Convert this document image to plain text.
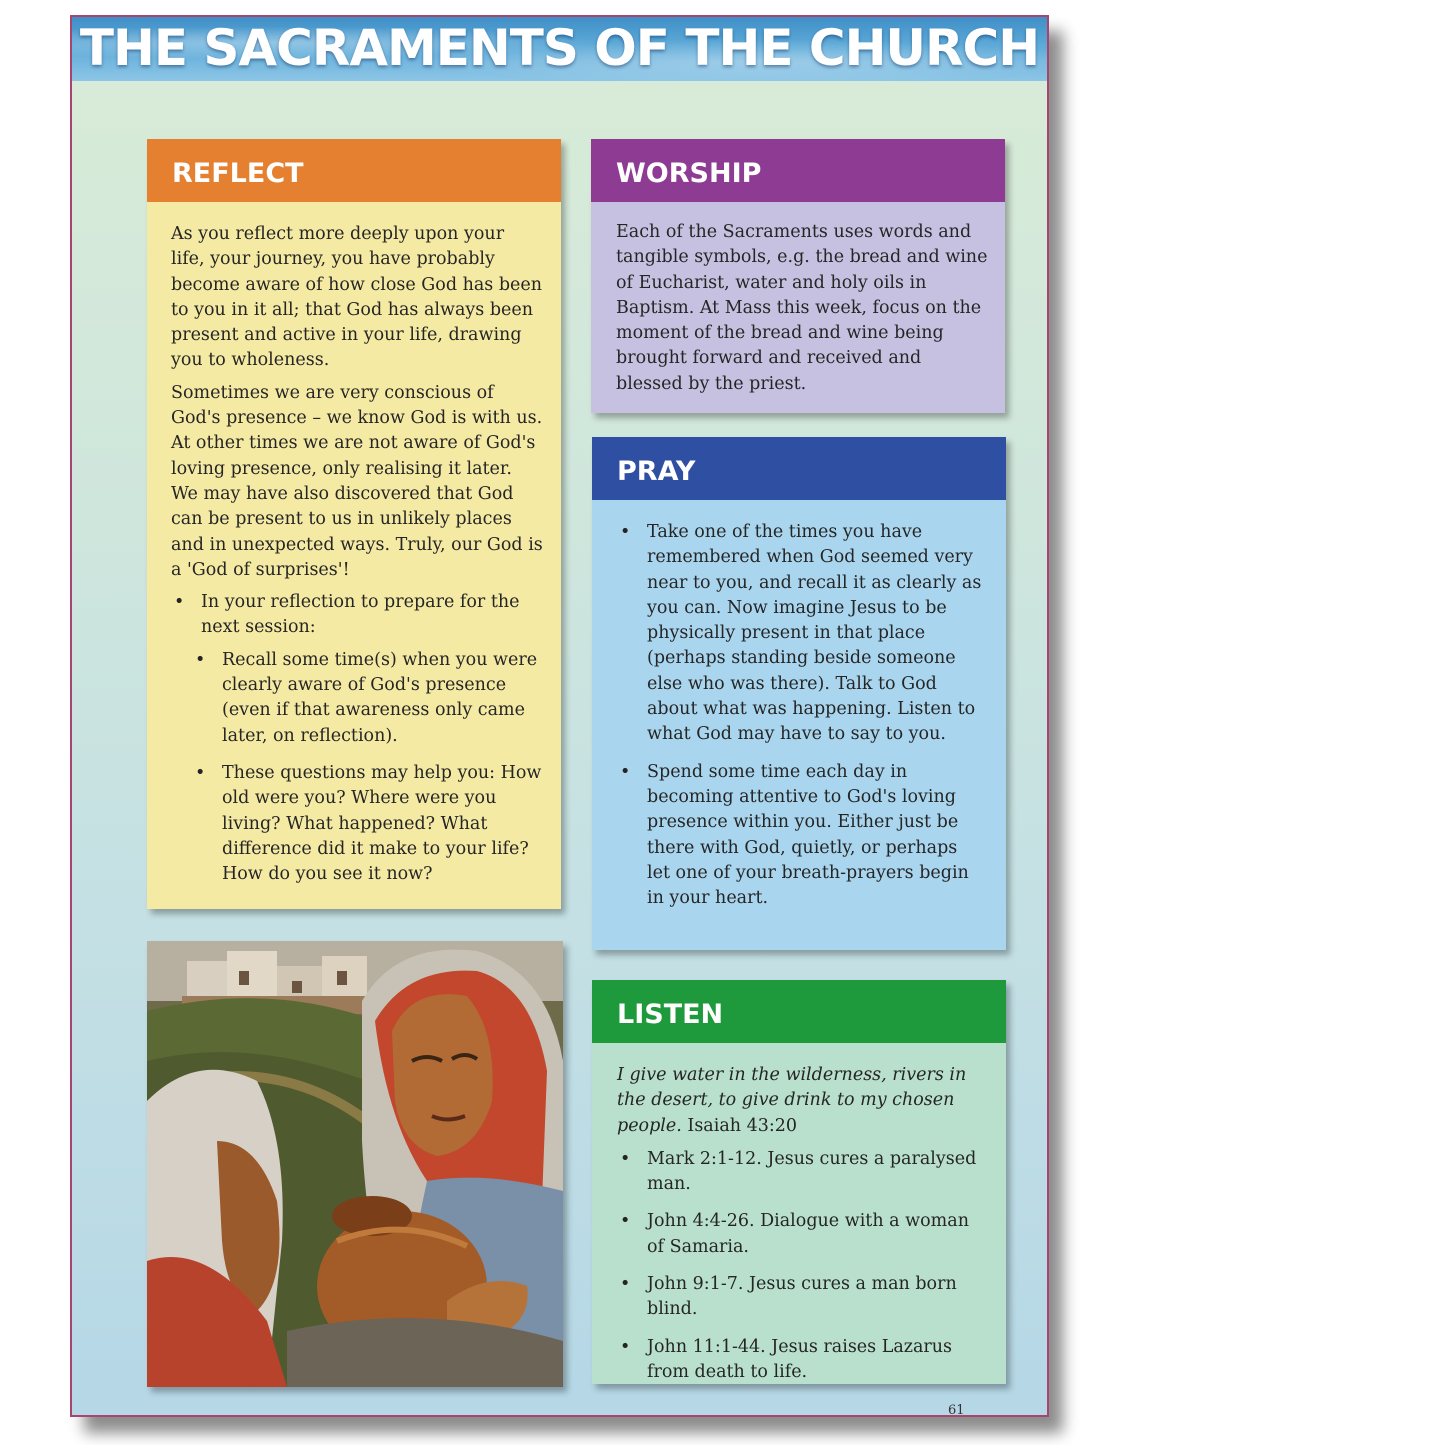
THE SACRAMENTS OF THE CHURCH
REFLECT

As you reflect more deeply upon your life, your journey, you have probably become aware of how close God has been to you in it all; that God has always been present and active in your life, drawing you to wholeness.

Sometimes we are very conscious of God's presence – we know God is with us. At other times we are not aware of God's loving presence, only realising it later. We may have also discovered that God can be present to us in unlikely places and in unexpected ways. Truly, our God is a 'God of surprises'!

• In your reflection to prepare for the next session:
• Recall some time(s) when you were clearly aware of God's presence (even if that awareness only came later, on reflection).
• These questions may help you: How old were you? Where were you living? What happened? What difference did it make to your life? How do you see it now?
WORSHIP

Each of the Sacraments uses words and tangible symbols, e.g. the bread and wine of Eucharist, water and holy oils in Baptism. At Mass this week, focus on the moment of the bread and wine being brought forward and received and blessed by the priest.

PRAY
• Take one of the times you have remembered when God seemed very near to you, and recall it as clearly as you can. Now imagine Jesus to be physically present in that place (perhaps standing beside someone else who was there). Talk to God about what was happening. Listen to what God may have to say to you.
• Spend some time each day in becoming attentive to God's loving presence within you. Either just be there with God, quietly, or perhaps let one of your breath-prayers begin in your heart.
LISTEN

I give water in the wilderness, rivers in the desert, to give drink to my chosen people. Isaiah 43:20

• Mark 2:1-12. Jesus cures a paralysed man.
• John 4:4-26. Dialogue with a woman of Samaria.
• John 9:1-7. Jesus cures a man born blind.
• John 11:1-44. Jesus raises Lazarus from death to life.
61
